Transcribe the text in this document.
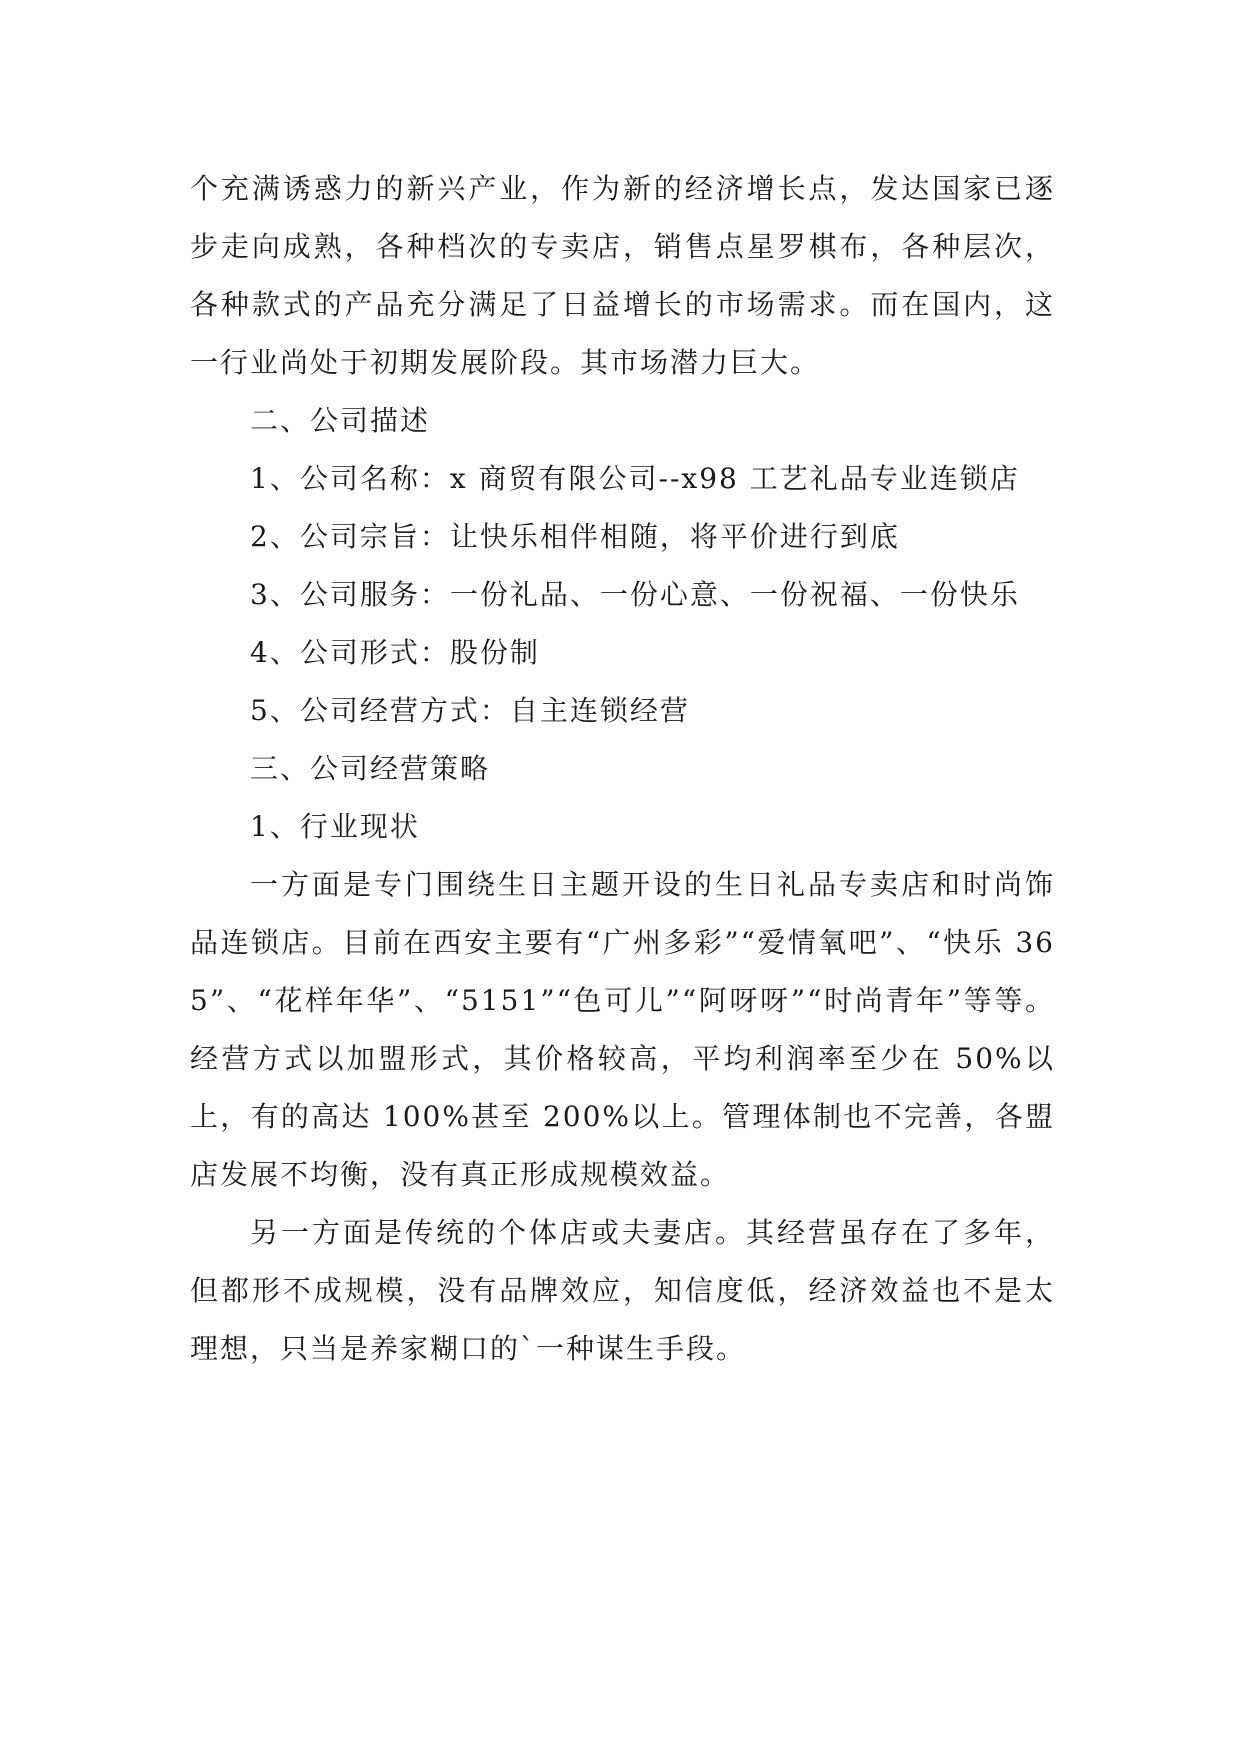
个充满诱惑力的新兴产业，作为新的经济增长点，发达国家已逐步走向成熟，各种档次的专卖店，销售点星罗棋布，各种层次，各种款式的产品充分满足了日益增长的市场需求。而在国内，这一行业尚处于初期发展阶段。其市场潜力巨大。

二、公司描述

1、公司名称：x 商贸有限公司--x98 工艺礼品专业连锁店

2、公司宗旨：让快乐相伴相随，将平价进行到底

3、公司服务：一份礼品、一份心意、一份祝福、一份快乐

4、公司形式：股份制

5、公司经营方式：自主连锁经营

三、公司经营策略

1、行业现状

一方面是专门围绕生日主题开设的生日礼品专卖店和时尚饰品连锁店。目前在西安主要有“广州多彩”“爱情氧吧”、“快乐 365”、“花样年华”、“5151”“色可儿”“阿呀呀”“时尚青年”等等。经营方式以加盟形式，其价格较高，平均利润率至少在 50%以上，有的高达 100%甚至 200%以上。管理体制也不完善，各盟店发展不均衡，没有真正形成规模效益。

另一方面是传统的个体店或夫妻店。其经营虽存在了多年，但都形不成规模，没有品牌效应，知信度低，经济效益也不是太理想，只当是养家糊口的`一种谋生手段。
